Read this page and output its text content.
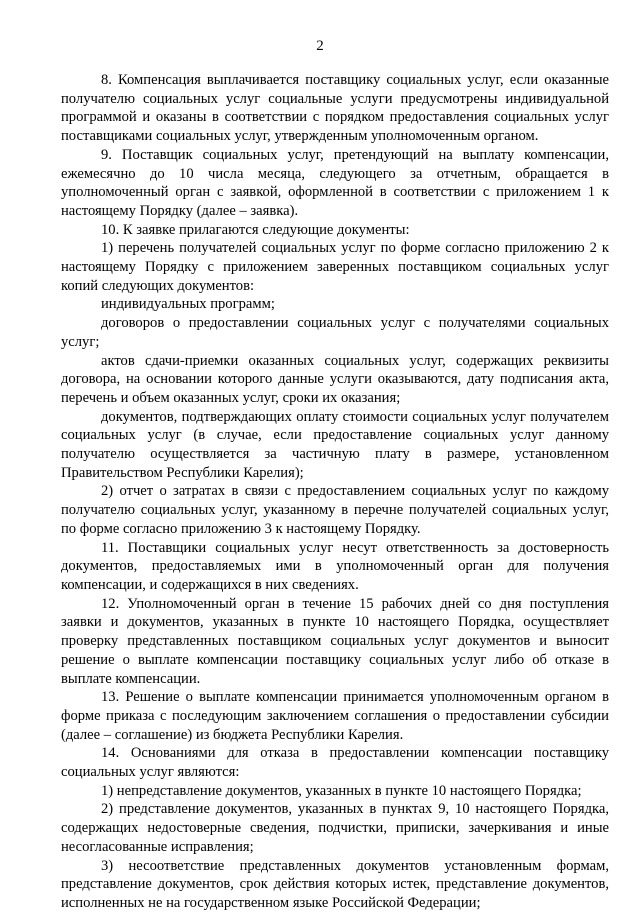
2

8. Компенсация выплачивается поставщику социальных услуг, если оказанные получателю социальных услуг социальные услуги предусмотрены индивидуальной программой и оказаны в соответствии с порядком предоставления социальных услуг поставщиками социальных услуг, утвержденным уполномоченным органом.

9. Поставщик социальных услуг, претендующий на выплату компенсации, ежемесячно до 10 числа месяца, следующего за отчетным, обращается в уполномоченный орган с заявкой, оформленной в соответствии с приложением 1 к настоящему Порядку (далее – заявка).

10. К заявке прилагаются следующие документы:

1) перечень получателей социальных услуг по форме согласно приложению 2 к настоящему Порядку с приложением заверенных поставщиком социальных услуг копий следующих документов:

индивидуальных программ;

договоров о предоставлении социальных услуг с получателями социальных услуг;

актов сдачи-приемки оказанных социальных услуг, содержащих реквизиты договора, на основании которого данные услуги оказываются, дату подписания акта, перечень и объем оказанных услуг, сроки их оказания;

документов, подтверждающих оплату стоимости социальных услуг получателем социальных услуг (в случае, если предоставление социальных услуг данному получателю осуществляется за частичную плату в размере, установленном Правительством Республики Карелия);

2) отчет о затратах в связи с предоставлением социальных услуг по каждому получателю социальных услуг, указанному в перечне получателей социальных услуг, по форме согласно приложению 3 к настоящему Порядку.

11. Поставщики социальных услуг несут ответственность за достоверность документов, предоставляемых ими в уполномоченный орган для получения компенсации, и содержащихся в них сведениях.

12. Уполномоченный орган в течение 15 рабочих дней со дня поступления заявки и документов, указанных в пункте 10 настоящего Порядка, осуществляет проверку представленных поставщиком социальных услуг документов и выносит решение о выплате компенсации поставщику социальных услуг либо об отказе в выплате компенсации.

13. Решение о выплате компенсации принимается уполномоченным органом в форме приказа с последующим заключением соглашения о предоставлении субсидии (далее – соглашение) из бюджета Республики Карелия.

14. Основаниями для отказа в предоставлении компенсации поставщику социальных услуг являются:

1) непредставление документов, указанных в пункте 10 настоящего Порядка;

2) представление документов, указанных в пунктах 9, 10 настоящего Порядка, содержащих недостоверные сведения, подчистки, приписки, зачеркивания и иные несогласованные исправления;

3) несоответствие представленных документов установленным формам, представление документов, срок действия которых истек, представление документов, исполненных не на государственном языке Российской Федерации;
